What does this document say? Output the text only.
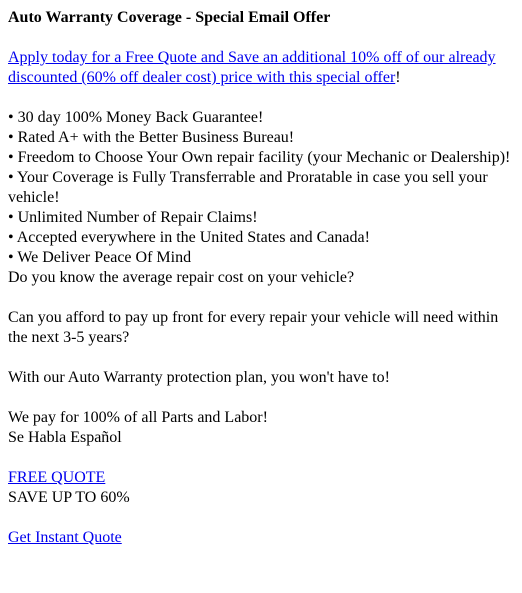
Auto Warranty Coverage - Special Email Offer

Apply today for a Free Quote and Save an additional 10% off of our already discounted (60% off dealer cost) price with this special offer!

• 30 day 100% Money Back Guarantee!
• Rated A+ with the Better Business Bureau!
• Freedom to Choose Your Own repair facility (your Mechanic or Dealership)!
• Your Coverage is Fully Transferrable and Proratable in case you sell your vehicle!
• Unlimited Number of Repair Claims!
• Accepted everywhere in the United States and Canada!
• We Deliver Peace Of Mind

Do you know the average repair cost on your vehicle?

Can you afford to pay up front for every repair your vehicle will need within the next 3-5 years?

With our Auto Warranty protection plan, you won't have to!

We pay for 100% of all Parts and Labor!

Se Habla Español

FREE QUOTE

SAVE UP TO 60%

Get Instant Quote
